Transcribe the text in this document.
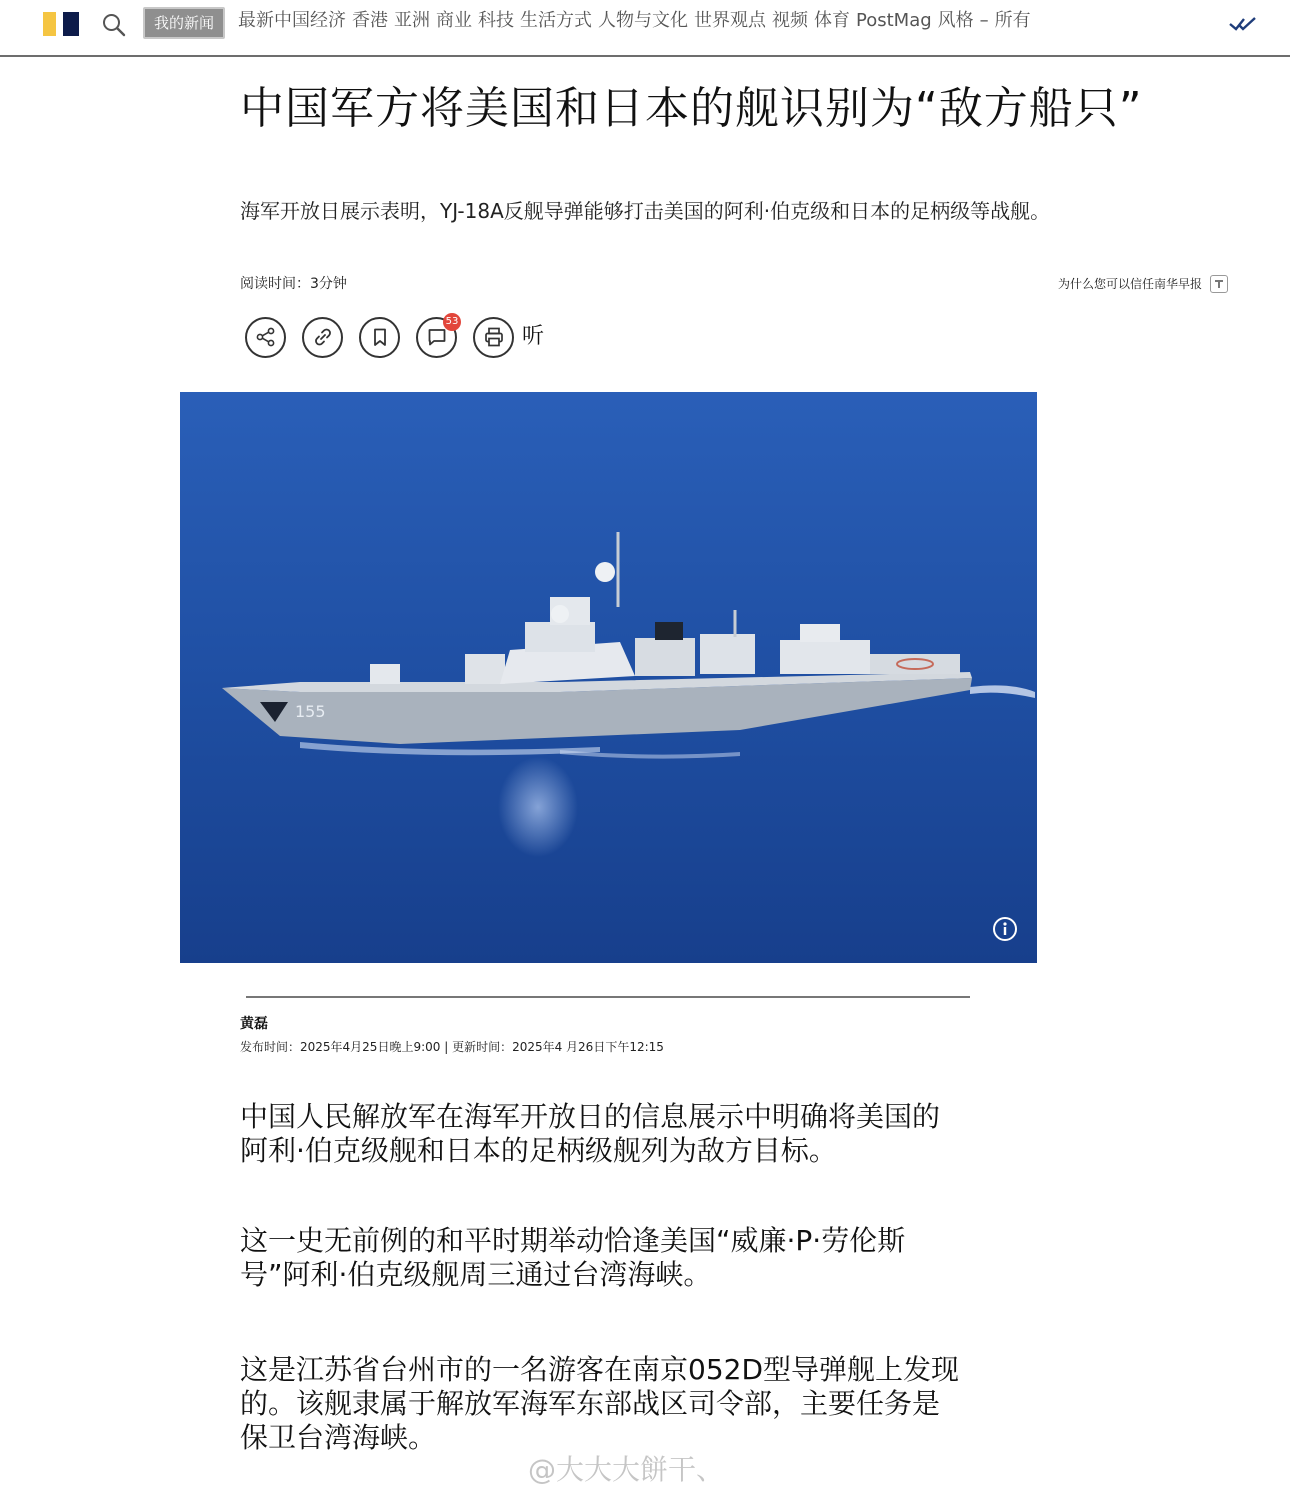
我的新闻	最新中国经济 香港 亚洲 商业 科技 生活方式 人物与文化 世界观点 视频 体育 PostMag 风格 – 所有
中国军方将美国和日本的舰识别为“敌方船只”

海军开放日展示表明，YJ-18A反舰导弹能够打击美国的阿利·伯克级和日本的足柄级等战舰。

阅读时间：3分钟	为什么您可以信任南华早报
53
听
155
黄磊
发布时间：2025年4月25日晚上9:00 | 更新时间：2025年4 月26日下午12:15

中国人民解放军在海军开放日的信息展示中明确将美国的阿利·伯克级舰和日本的足柄级舰列为敌方目标。

这一史无前例的和平时期举动恰逢美国“威廉·P·劳伦斯号”阿利·伯克级舰周三通过台湾海峡。

这是江苏省台州市的一名游客在南京052D型导弹舰上发现的。该舰隶属于解放军海军东部战区司令部，主要任务是保卫台湾海峡。

@大大大餅干、
